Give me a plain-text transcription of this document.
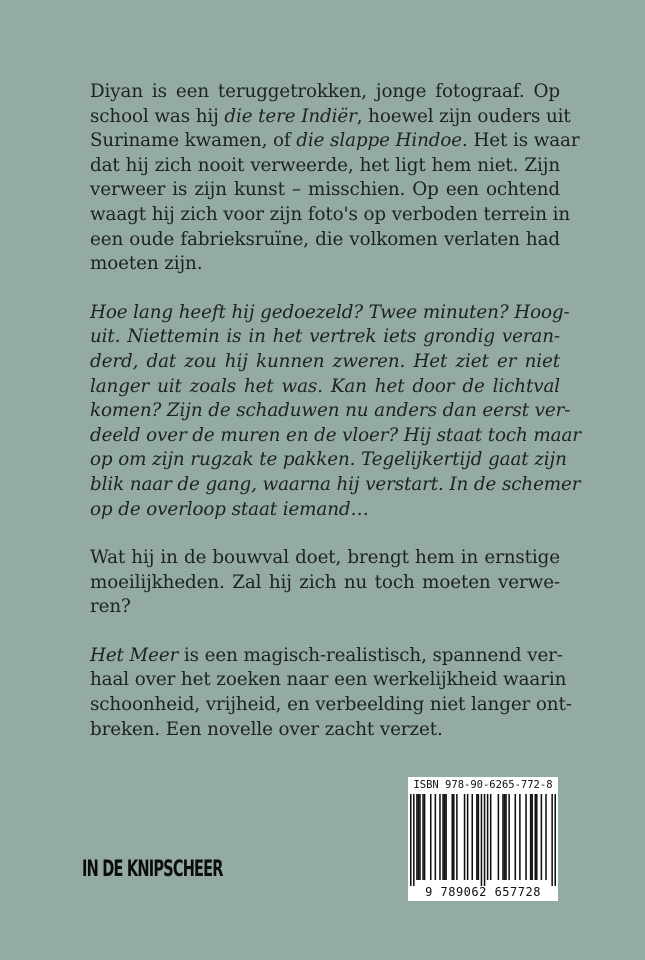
Diyan is een teruggetrokken, jonge fotograaf. Op
school was hij die tere Indiër, hoewel zijn ouders uit
Suriname kwamen, of die slappe Hindoe. Het is waar
dat hij zich nooit verweerde, het ligt hem niet. Zijn
verweer is zijn kunst – misschien. Op een ochtend
waagt hij zich voor zijn foto's op verboden terrein in
een oude fabrieksruïne, die volkomen verlaten had
moeten zijn.

Hoe lang heeft hij gedoezeld? Twee minuten? Hoog-
uit. Niettemin is in het vertrek iets grondig veran-
derd, dat zou hij kunnen zweren. Het ziet er niet
langer uit zoals het was. Kan het door de lichtval
komen? Zijn de schaduwen nu anders dan eerst ver-
deeld over de muren en de vloer? Hij staat toch maar
op om zijn rugzak te pakken. Tegelijkertijd gaat zijn
blik naar de gang, waarna hij verstart. In de schemer
op de overloop staat iemand…

Wat hij in de bouwval doet, brengt hem in ernstige
moeilijkheden. Zal hij zich nu toch moeten verwe-
ren?

Het Meer is een magisch-realistisch, spannend ver-
haal over het zoeken naar een werkelijkheid waarin
schoonheid, vrijheid, en verbeelding niet langer ont-
breken. Een novelle over zacht verzet.

IN DE KNIPSCHEER
ISBN 978-90-6265-772-8
9 789062 657728
